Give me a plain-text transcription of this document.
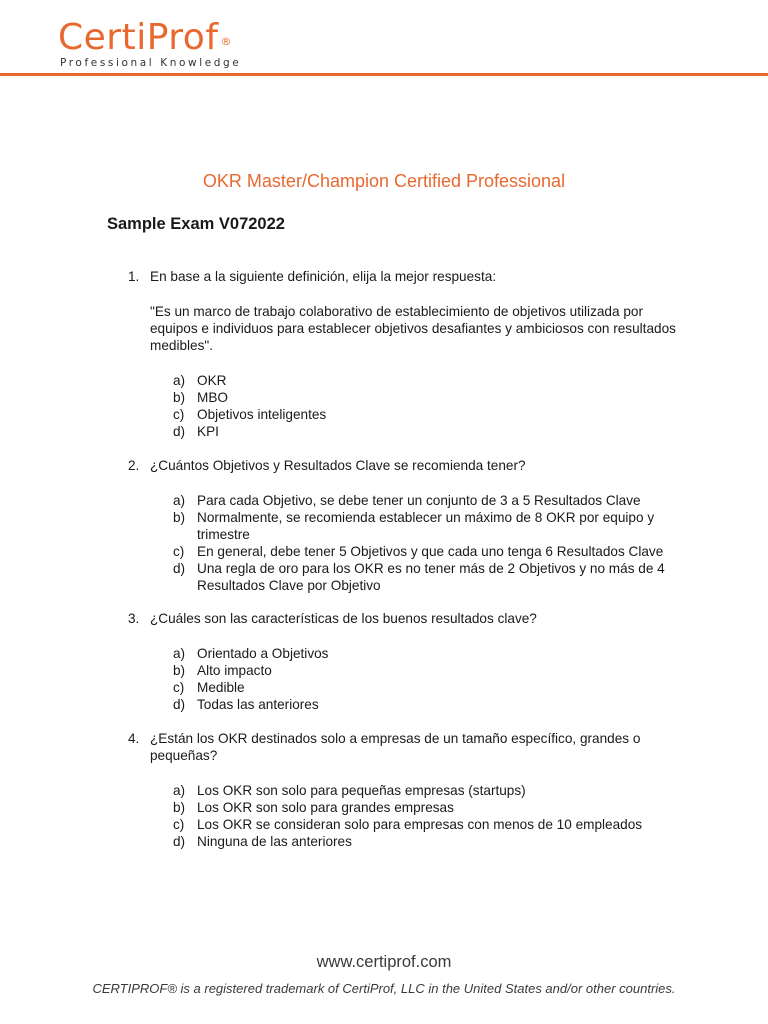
CertiProf ®
Professional Knowledge
OKR Master/Champion Certified Professional
Sample Exam V072022
1. En base a la siguiente definición, elija la mejor respuesta:
"Es un marco de trabajo colaborativo de establecimiento de objetivos utilizada por equipos e individuos para establecer objetivos desafiantes y ambiciosos con resultados medibles".
a) OKR
b) MBO
c) Objetivos inteligentes
d) KPI
2. ¿Cuántos Objetivos y Resultados Clave se recomienda tener?
a) Para cada Objetivo, se debe tener un conjunto de 3 a 5 Resultados Clave
b) Normalmente, se recomienda establecer un máximo de 8 OKR por equipo y trimestre
c) En general, debe tener 5 Objetivos y que cada uno tenga 6 Resultados Clave
d) Una regla de oro para los OKR es no tener más de 2 Objetivos y no más de 4 Resultados Clave por Objetivo
3. ¿Cuáles son las características de los buenos resultados clave?
a) Orientado a Objetivos
b) Alto impacto
c) Medible
d) Todas las anteriores
4. ¿Están los OKR destinados solo a empresas de un tamaño específico, grandes o pequeñas?
a) Los OKR son solo para pequeñas empresas (startups)
b) Los OKR son solo para grandes empresas
c) Los OKR se consideran solo para empresas con menos de 10 empleados
d) Ninguna de las anteriores
www.certiprof.com
CERTIPROF® is a registered trademark of CertiProf, LLC in the United States and/or other countries.
